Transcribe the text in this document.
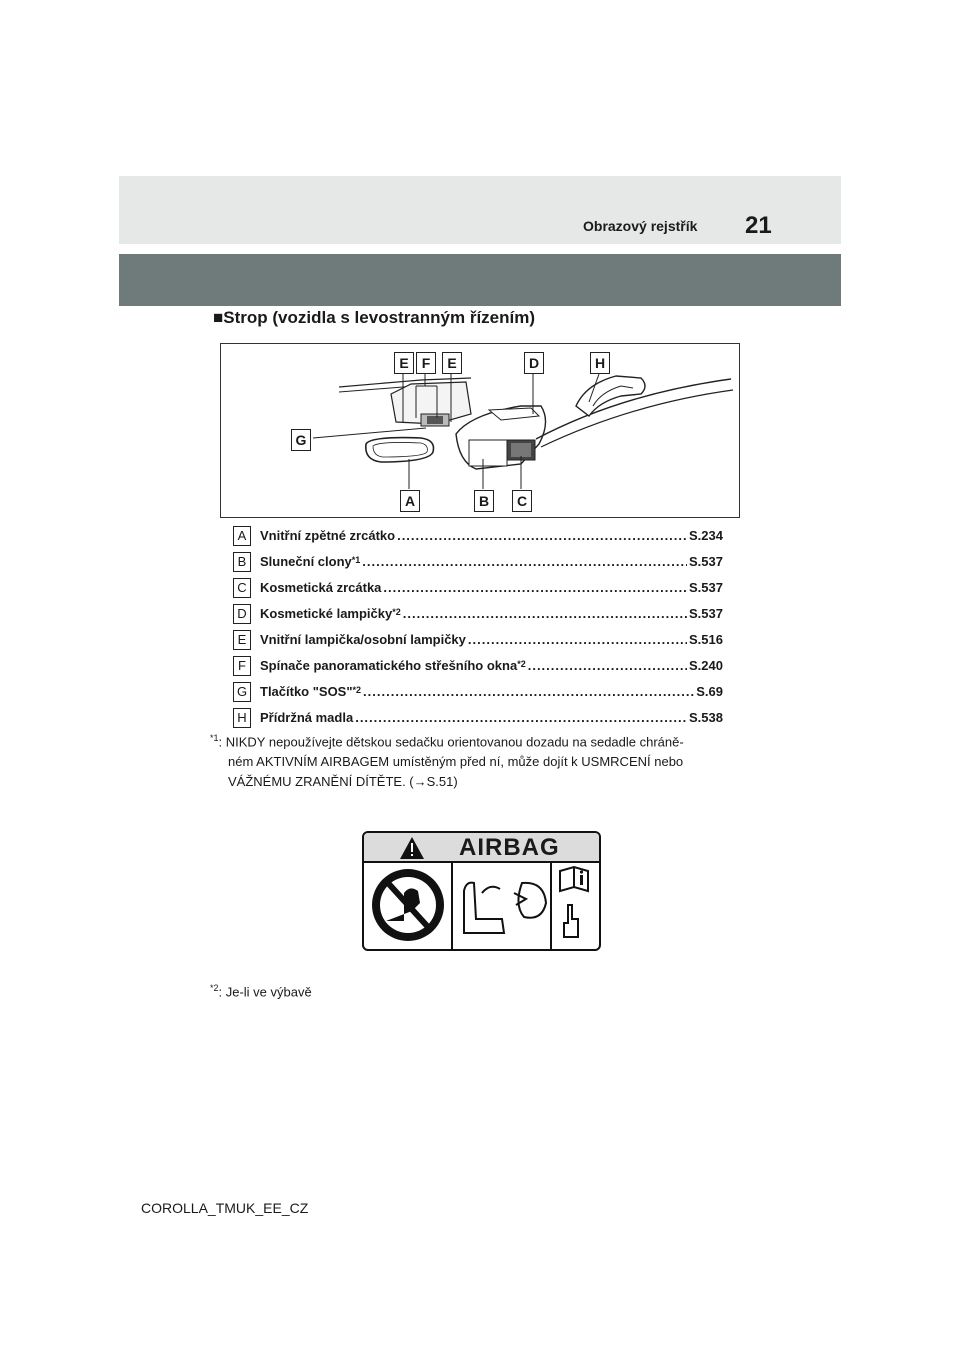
Obrazový rejstřík 21
■Strop (vozidla s levostranným řízením)
E F	E	D	H
G
A	B	C
A	Vnitřní zpětné zrcátko .....	S.234
B	Sluneční clony$^{*1}$ .....	S.537
C	Kosmetická zrcátka .....	S.537
D	Kosmetické lampičky$^{*2}$ .....	S.537
E	Vnitřní lampička/osobní lampičky .....	S.516
F	Spínače panoramatického střešního okna$^{*2}$ .....	S.240
G Tlačítko "SOS"$^{*2}$ .....	S.69
H	Přídržná madla .....	S.538
$^{*1}$: NIKDY nepoužívejte dětskou sedačku orientovanou dozadu na sedadle chráně-
ném AKTIVNÍM AIRBAGEM umístěným před ní, může dojít k USMRCENÍ nebo
VÁŽNÉMU ZRANĚNÍ DÍTĚTE. (→S.51)
AIRBAG
$^{*2}$: Je-li ve výbavě
COROLLA_TMUK_EE_CZ
